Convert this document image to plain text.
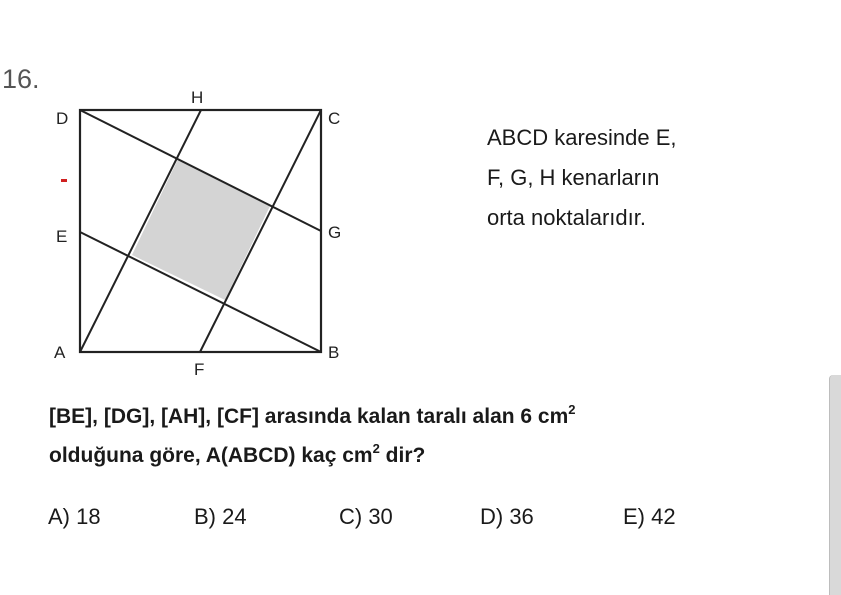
16.
D
H
C
E	G
A	B
F
ABCD karesinde E,
F, G, H kenarların
orta noktalarıdır.
[BE], [DG], [AH], [CF] arasında kalan taralı alan 6 $cm^2$
olduğuna göre, A(ABCD) kaç $cm^2$ dir?
A) 18	B) 24	C) 30	D) 36	E) 42
